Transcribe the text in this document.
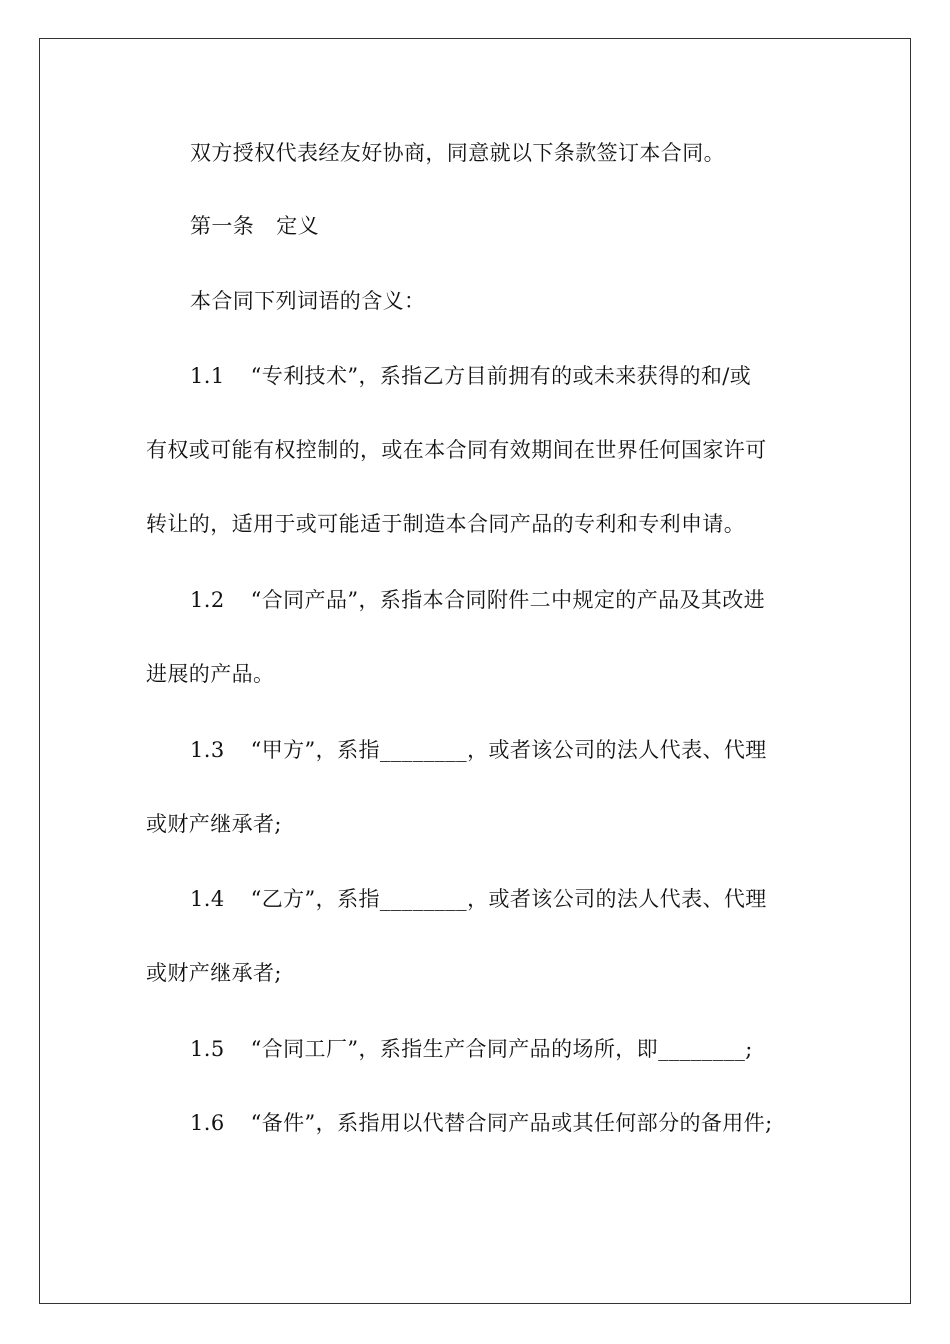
双方授权代表经友好协商，同意就以下条款签订本合同。
第一条 定义
本合同下列词语的含义：
1.1 “专利技术”，系指乙方目前拥有的或未来获得的和/或
有权或可能有权控制的，或在本合同有效期间在世界任何国家许可
转让的，适用于或可能适于制造本合同产品的专利和专利申请。
1.2 “合同产品”，系指本合同附件二中规定的产品及其改进
进展的产品。
1.3 “甲方”，系指________，或者该公司的法人代表、代理
或财产继承者;
1.4 “乙方”，系指________，或者该公司的法人代表、代理
或财产继承者;
1.5 “合同工厂”，系指生产合同产品的场所，即________;
1.6 “备件”，系指用以代替合同产品或其任何部分的备用件;
